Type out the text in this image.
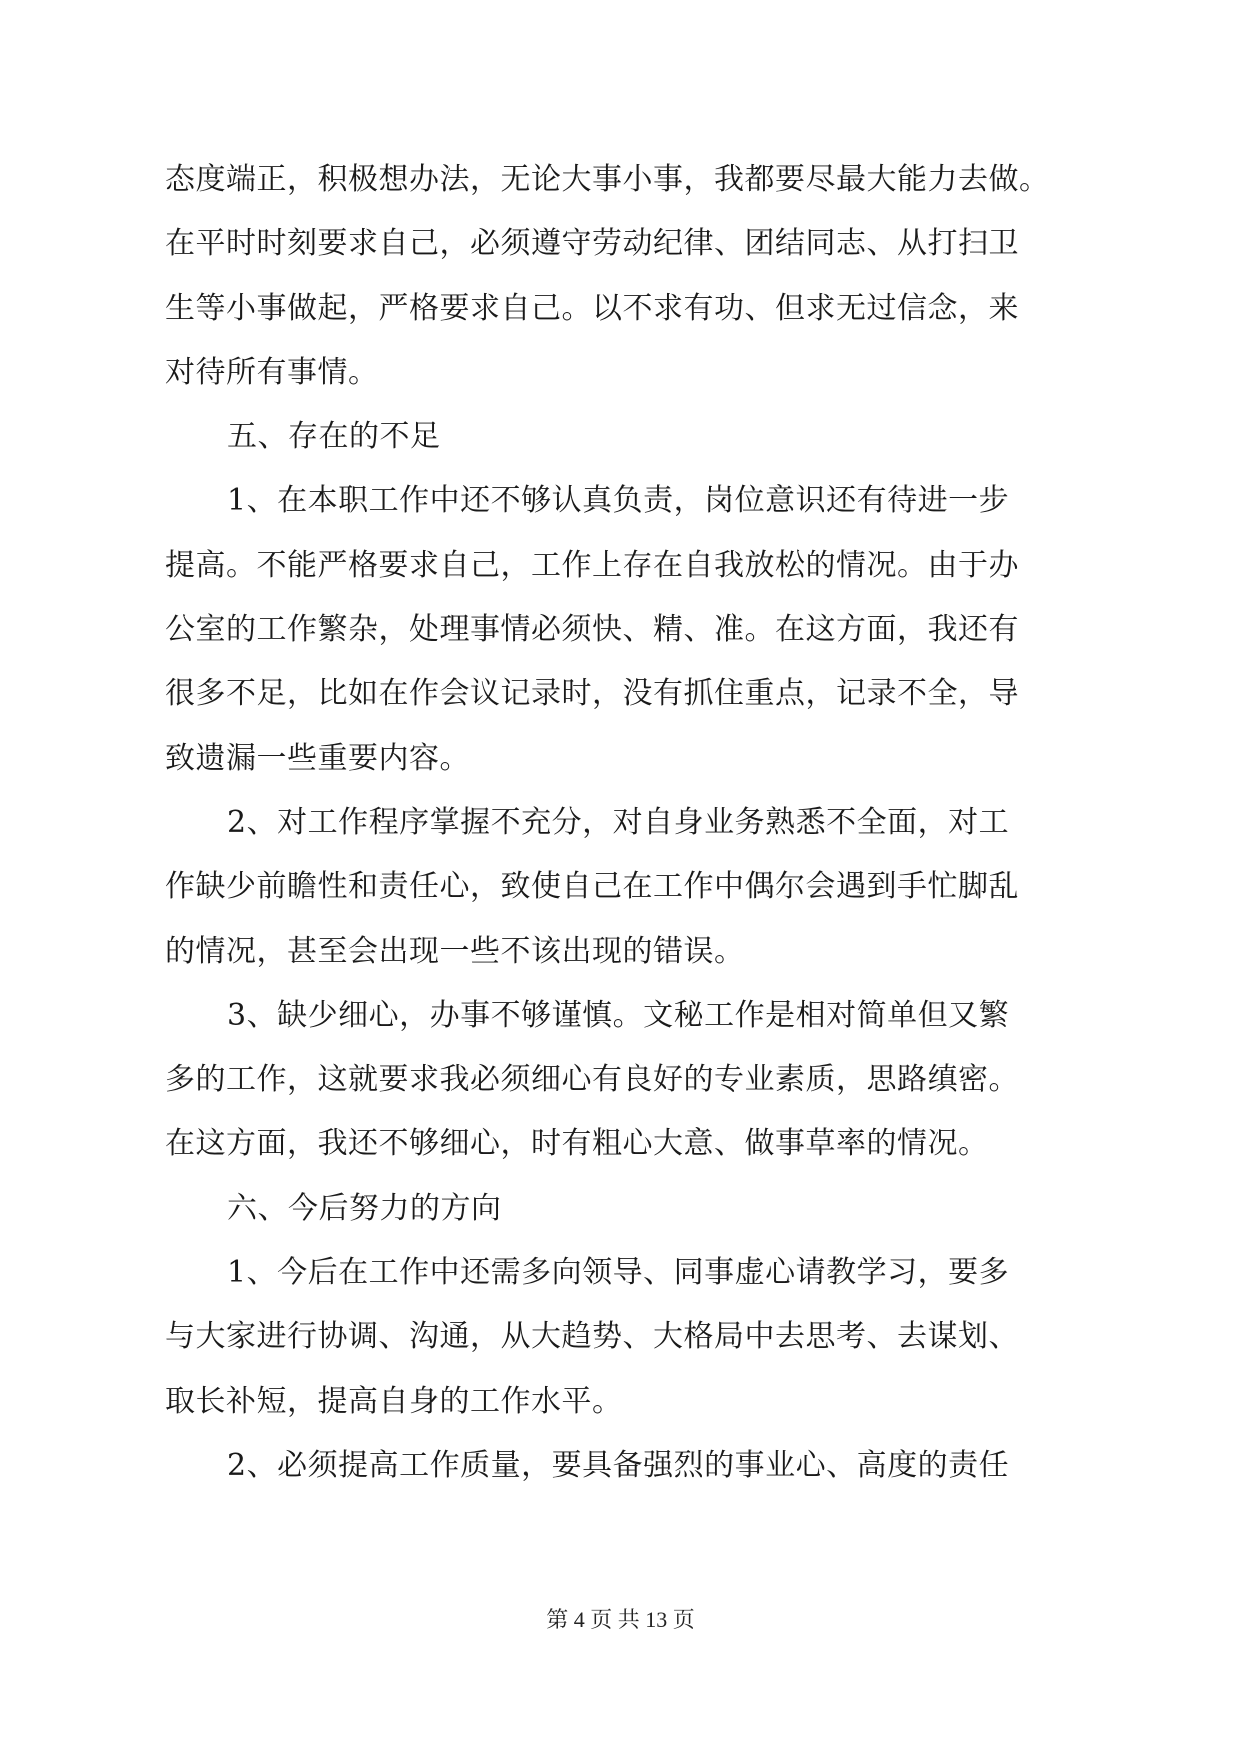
态度端正，积极想办法，无论大事小事，我都要尽最大能力去做。
在平时时刻要求自己，必须遵守劳动纪律、团结同志、从打扫卫
生等小事做起，严格要求自己。以不求有功、但求无过信念，来
对待所有事情。
五、存在的不足
1、在本职工作中还不够认真负责，岗位意识还有待进一步
提高。不能严格要求自己，工作上存在自我放松的情况。由于办
公室的工作繁杂，处理事情必须快、精、准。在这方面，我还有
很多不足，比如在作会议记录时，没有抓住重点，记录不全，导
致遗漏一些重要内容。
2、对工作程序掌握不充分，对自身业务熟悉不全面，对工
作缺少前瞻性和责任心，致使自己在工作中偶尔会遇到手忙脚乱
的情况，甚至会出现一些不该出现的错误。
3、缺少细心，办事不够谨慎。文秘工作是相对简单但又繁
多的工作，这就要求我必须细心有良好的专业素质，思路缜密。
在这方面，我还不够细心，时有粗心大意、做事草率的情况。
六、今后努力的方向
1、今后在工作中还需多向领导、同事虚心请教学习，要多
与大家进行协调、沟通，从大趋势、大格局中去思考、去谋划、
取长补短，提高自身的工作水平。
2、必须提高工作质量，要具备强烈的事业心、高度的责任
第 4 页 共 13 页
